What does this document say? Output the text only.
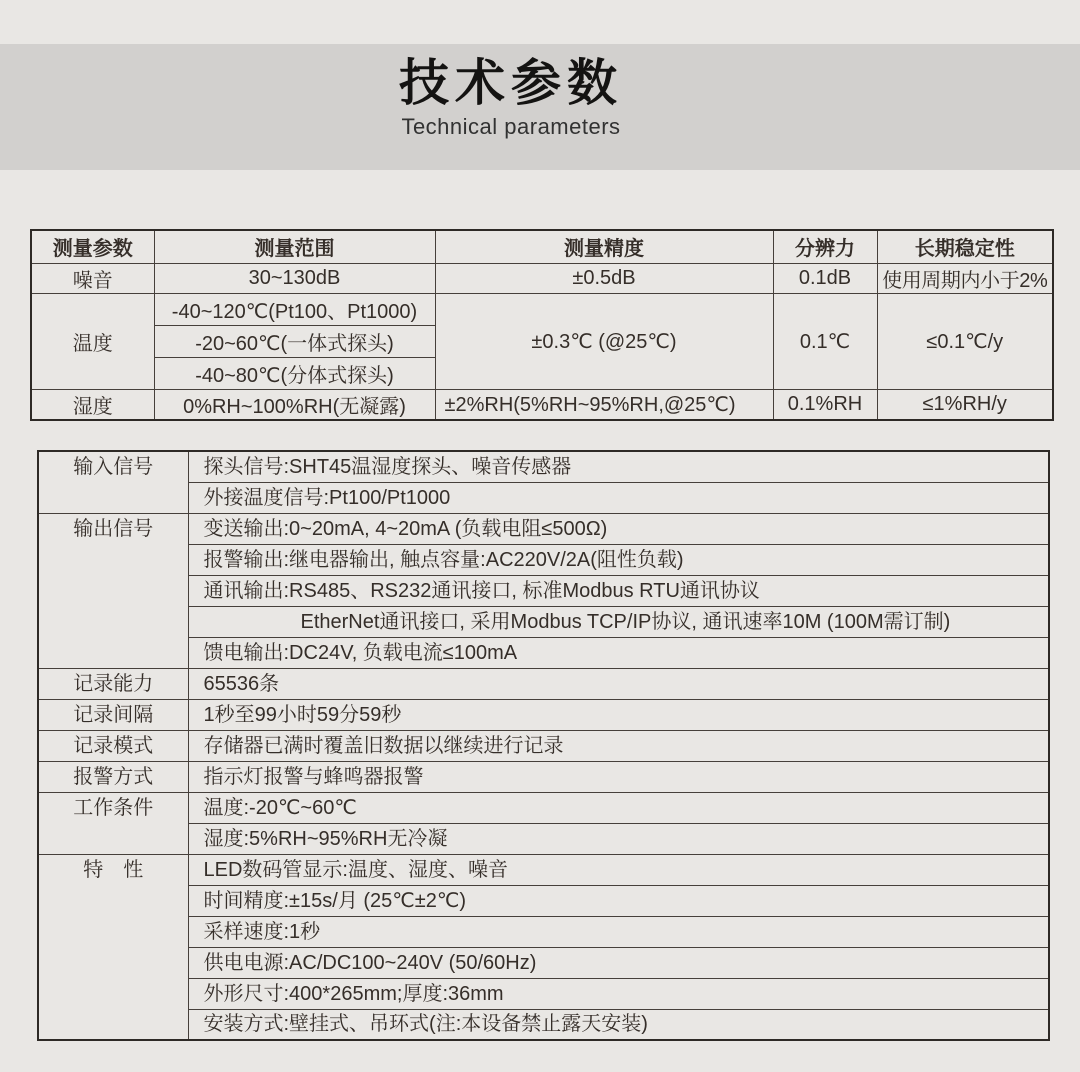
技术参数
Technical parameters
测量参数	测量范围	测量精度	分辨力	长期稳定性
噪音	30~130dB	±0.5dB	0.1dB	使用周期内小于2%
温度	-40~120℃(Pt100、Pt1000)	±0.3℃ (@25℃)	0.1℃	≤0.1℃/y
	-20~60℃(一体式探头)			
	-40~80℃(分体式探头)			
湿度	0%RH~100%RH(无凝露)	±2%RH(5%RH~95%RH,@25℃)	0.1%RH	≤1%RH/y
输入信号	探头信号:SHT45温湿度探头、噪音传感器
	外接温度信号:Pt100/Pt1000
输出信号	变送输出:0~20mA, 4~20mA (负载电阻≤500Ω)
	报警输出:继电器输出, 触点容量:AC220V/2A(阻性负载)
	通讯输出:RS485、RS232通讯接口, 标准Modbus RTU通讯协议
	EtherNet通讯接口, 采用Modbus TCP/IP协议, 通讯速率10M (100M需订制)
	馈电输出:DC24V, 负载电流≤100mA
记录能力	65536条
记录间隔	1秒至99小时59分59秒
记录模式	存储器已满时覆盖旧数据以继续进行记录
报警方式	指示灯报警与蜂鸣器报警
工作条件	温度:-20℃~60℃
	湿度:5%RH~95%RH无冷凝
特　性	LED数码管显示:温度、湿度、噪音
	时间精度:±15s/月 (25℃±2℃)
	采样速度:1秒
	供电电源:AC/DC100~240V (50/60Hz)
	外形尺寸:400*265mm;厚度:36mm
	安装方式:壁挂式、吊环式(注:本设备禁止露天安装)
